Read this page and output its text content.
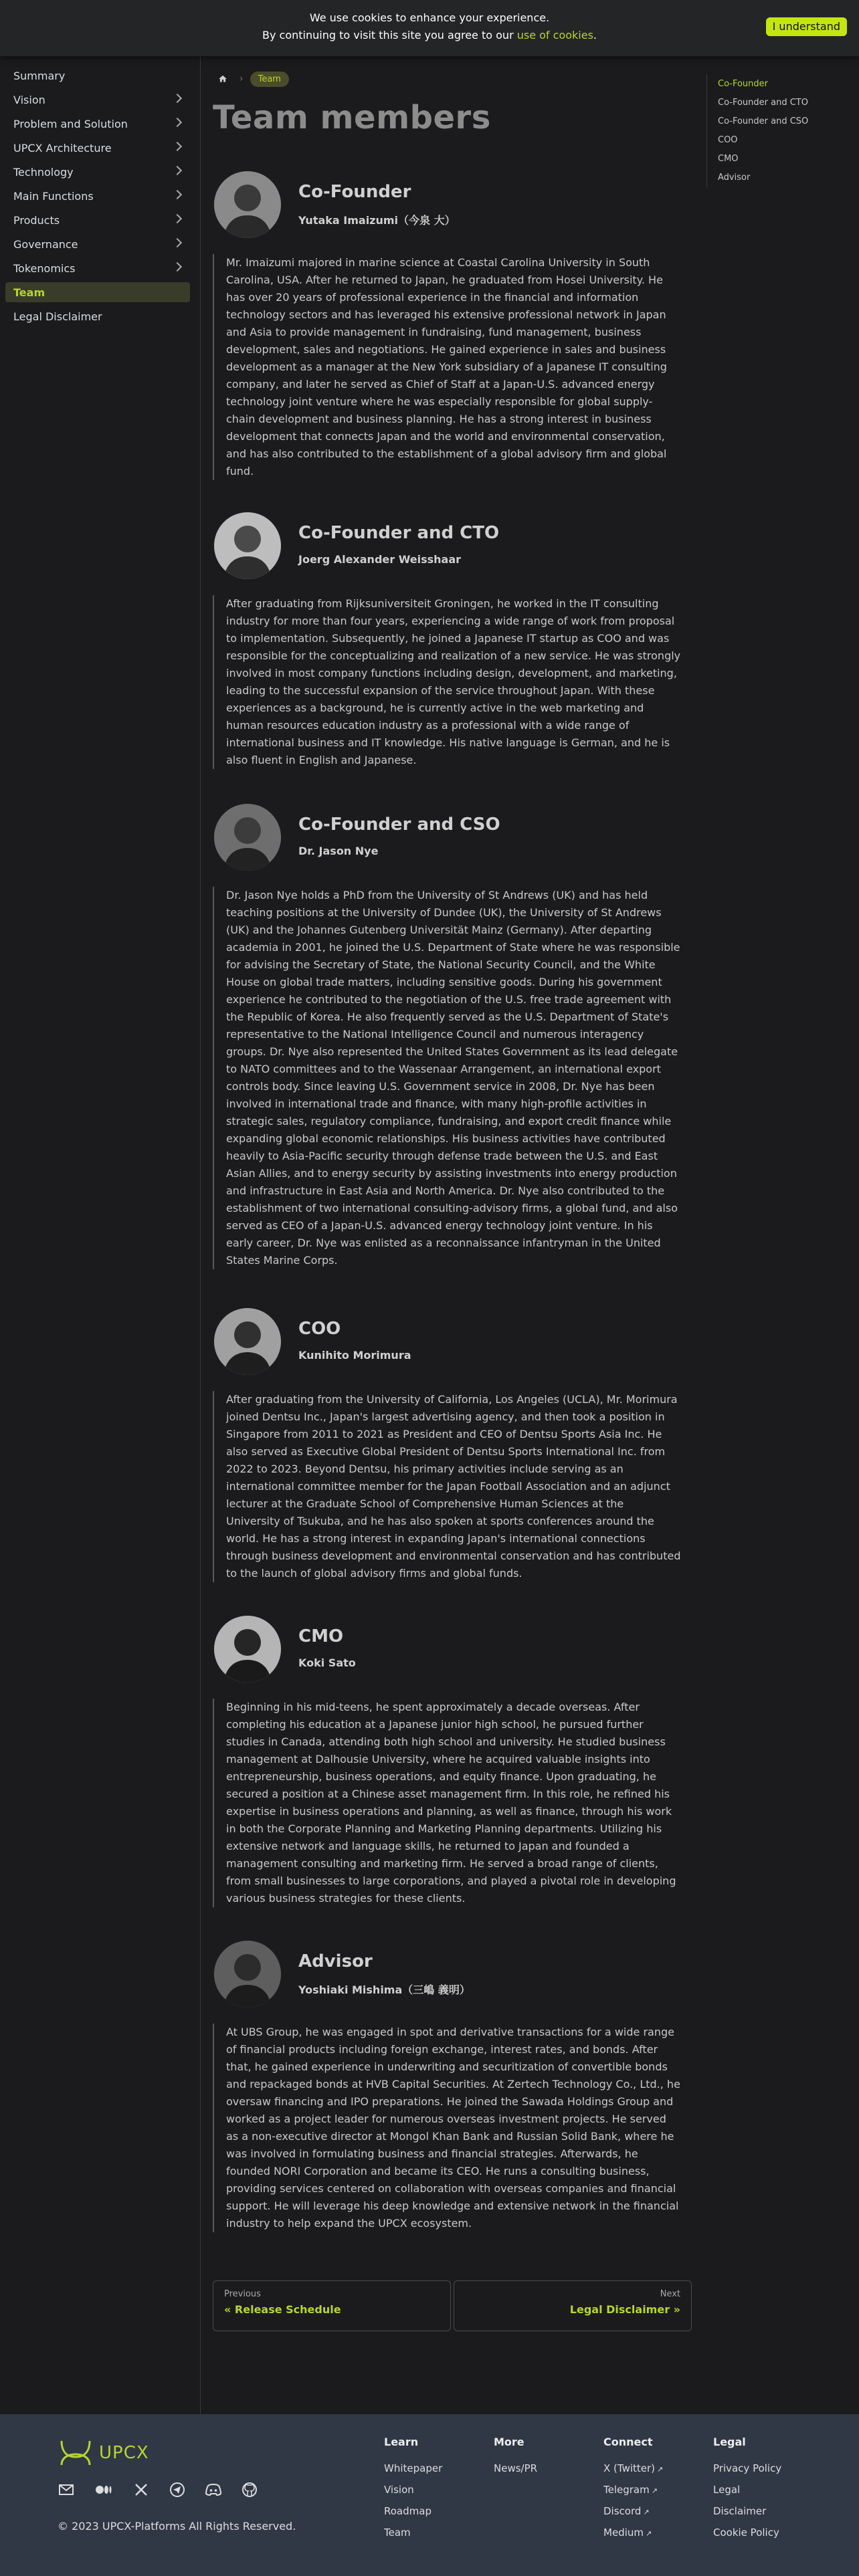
We use cookies to enhance your experience.
By continuing to visit this site you agree to our use of cookies.
I understand
Summary
Vision
Problem and Solution
UPCX Architecture
Technology
Main Functions
Products
Governance
Tokenomics
Team
Legal Disclaimer
›	Team
Team members
Co-Founder
Yutaka Imaizumi（今泉 大）

Mr. Imaizumi majored in marine science at Coastal Carolina University in South Carolina, USA. After he returned to Japan, he graduated from Hosei University. He has over 20 years of professional experience in the financial and information technology sectors and has leveraged his extensive professional network in Japan and Asia to provide management in fundraising, fund management, business development, sales and negotiations. He gained experience in sales and business development as a manager at the New York subsidiary of a Japanese IT consulting company, and later he served as Chief of Staff at a Japan-U.S. advanced energy technology joint venture where he was especially responsible for global supply-chain development and business planning. He has a strong interest in business development that connects Japan and the world and environmental conservation, and has also contributed to the establishment of a global advisory firm and global fund.

Co-Founder and CTO
Joerg Alexander Weisshaar

After graduating from Rijksuniversiteit Groningen, he worked in the IT consulting industry for more than four years, experiencing a wide range of work from proposal to implementation. Subsequently, he joined a Japanese IT startup as COO and was responsible for the conceptualizing and realization of a new service. He was strongly involved in most company functions including design, development, and marketing, leading to the successful expansion of the service throughout Japan. With these experiences as a background, he is currently active in the web marketing and human resources education industry as a professional with a wide range of international business and IT knowledge. His native language is German, and he is also fluent in English and Japanese.

Co-Founder and CSO
Dr. Jason Nye

Dr. Jason Nye holds a PhD from the University of St Andrews (UK) and has held teaching positions at the University of Dundee (UK), the University of St Andrews (UK) and the Johannes Gutenberg Universität Mainz (Germany). After departing academia in 2001, he joined the U.S. Department of State where he was responsible for advising the Secretary of State, the National Security Council, and the White House on global trade matters, including sensitive goods. During his government experience he contributed to the negotiation of the U.S. free trade agreement with the Republic of Korea. He also frequently served as the U.S. Department of State's representative to the National Intelligence Council and numerous interagency groups. Dr. Nye also represented the United States Government as its lead delegate to NATO committees and to the Wassenaar Arrangement, an international export controls body. Since leaving U.S. Government service in 2008, Dr. Nye has been involved in international trade and finance, with many high-profile activities in strategic sales, regulatory compliance, fundraising, and export credit finance while expanding global economic relationships. His business activities have contributed heavily to Asia-Pacific security through defense trade between the U.S. and East Asian Allies, and to energy security by assisting investments into energy production and infrastructure in East Asia and North America. Dr. Nye also contributed to the establishment of two international consulting-advisory firms, a global fund, and also served as CEO of a Japan-U.S. advanced energy technology joint venture. In his early career, Dr. Nye was enlisted as a reconnaissance infantryman in the United States Marine Corps.

COO
Kunihito Morimura

After graduating from the University of California, Los Angeles (UCLA), Mr. Morimura joined Dentsu Inc., Japan's largest advertising agency, and then took a position in Singapore from 2011 to 2021 as President and CEO of Dentsu Sports Asia Inc. He also served as Executive Global President of Dentsu Sports International Inc. from 2022 to 2023. Beyond Dentsu, his primary activities include serving as an international committee member for the Japan Football Association and an adjunct lecturer at the Graduate School of Comprehensive Human Sciences at the University of Tsukuba, and he has also spoken at sports conferences around the world. He has a strong interest in expanding Japan's international connections through business development and environmental conservation and has contributed to the launch of global advisory firms and global funds.

CMO
Koki Sato

Beginning in his mid-teens, he spent approximately a decade overseas. After completing his education at a Japanese junior high school, he pursued further studies in Canada, attending both high school and university. He studied business management at Dalhousie University, where he acquired valuable insights into entrepreneurship, business operations, and equity finance. Upon graduating, he secured a position at a Chinese asset management firm. In this role, he refined his expertise in business operations and planning, as well as finance, through his work in both the Corporate Planning and Marketing Planning departments. Utilizing his extensive network and language skills, he returned to Japan and founded a management consulting and marketing firm. He served a broad range of clients, from small businesses to large corporations, and played a pivotal role in developing various business strategies for these clients.

Advisor
Yoshiaki Mishima（三嶋 義明）

At UBS Group, he was engaged in spot and derivative transactions for a wide range of financial products including foreign exchange, interest rates, and bonds. After that, he gained experience in underwriting and securitization of convertible bonds and repackaged bonds at HVB Capital Securities. At Zertech Technology Co., Ltd., he oversaw financing and IPO preparations. He joined the Sawada Holdings Group and worked as a project leader for numerous overseas investment projects. He served as a non-executive director at Mongol Khan Bank and Russian Solid Bank, where he was involved in formulating business and financial strategies. Afterwards, he founded NORI Corporation and became its CEO. He runs a consulting business, providing services centered on collaboration with overseas companies and financial support. He will leverage his deep knowledge and extensive network in the financial industry to help expand the UPCX ecosystem.

Previous
« Release Schedule
Next
Legal Disclaimer »
Co-Founder
Co-Founder and CTO
Co-Founder and CSO
COO
CMO
Advisor
UPCX
© 2023 UPCX-Platforms All Rights Reserved.
Learn
Whitepaper
Vision
Roadmap
Team
More
News/PR
Connect
X (Twitter) ↗
Telegram ↗
Discord ↗
Medium ↗
Legal
Privacy Policy
Legal
Disclaimer
Cookie Policy
